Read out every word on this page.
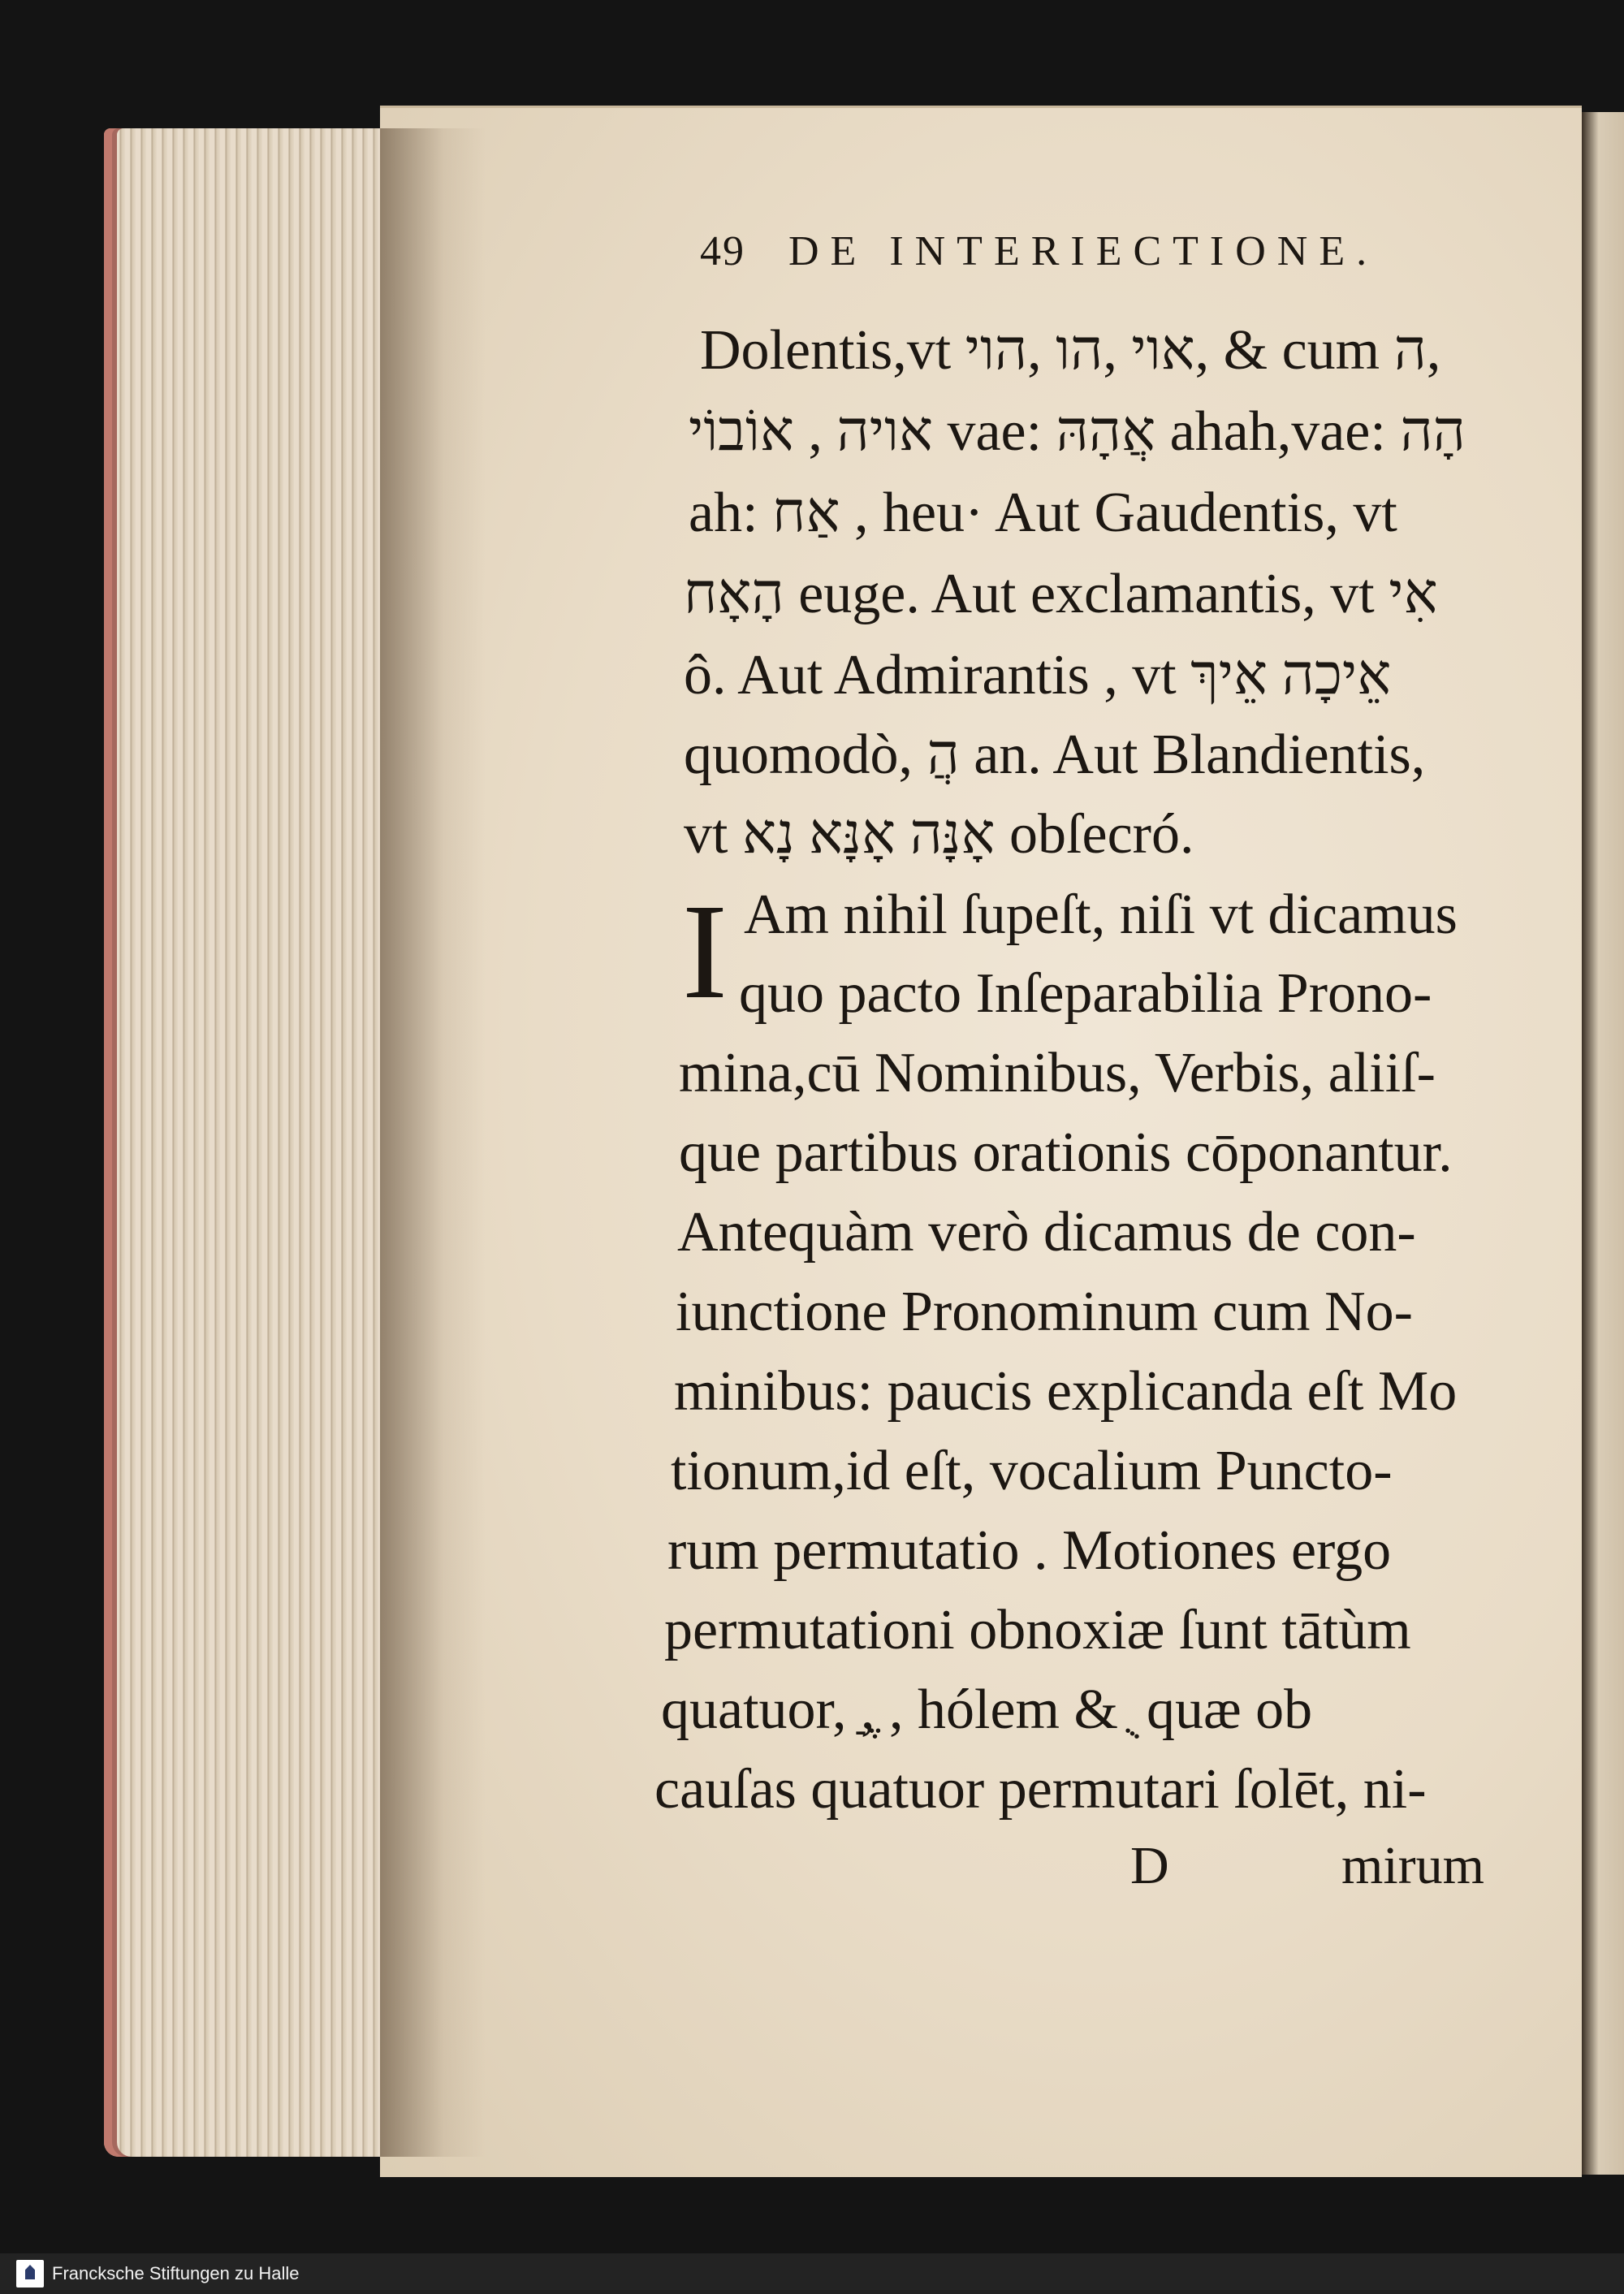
49 DE INTERIECTIONE.
Dolentis,vt אוי ,הו ,הוי, & cum ה,
אויה , אוֹבוֹי vae: אֲהָהּ ahah,vae: הָה
ah: אַח , heu· Aut Gaudentis, vt
הָאָח euge. Aut exclamantis, vt אִי
ô. Aut Admirantis , vt אֵיכָה אֵיךְ
quomodò, הֲ an. Aut Blandientis,
vt אָנָּה אָנָּא נָא obſecró.
I Am nihil ſupeſt, niſi vt dicamus
quo pacto Inſeparabilia Prono-
mina,cū Nominibus, Verbis, aliiſ-
que partibus orationis cōponantur.
Antequàm verò dicamus de con-
iunctione Pronominum cum No-
minibus: paucis explicanda eſt Mo
tionum,id eſt, vocalium Puncto-
rum permutatio . Motiones ergo
permutationi obnoxiæ ſunt tātùm
quatuor, ַ, ֶ, hólem & ֻ quæ ob
cauſas quatuor permutari ſolēt, ni-
D	mirum
Francksche Stiftungen zu Halle
